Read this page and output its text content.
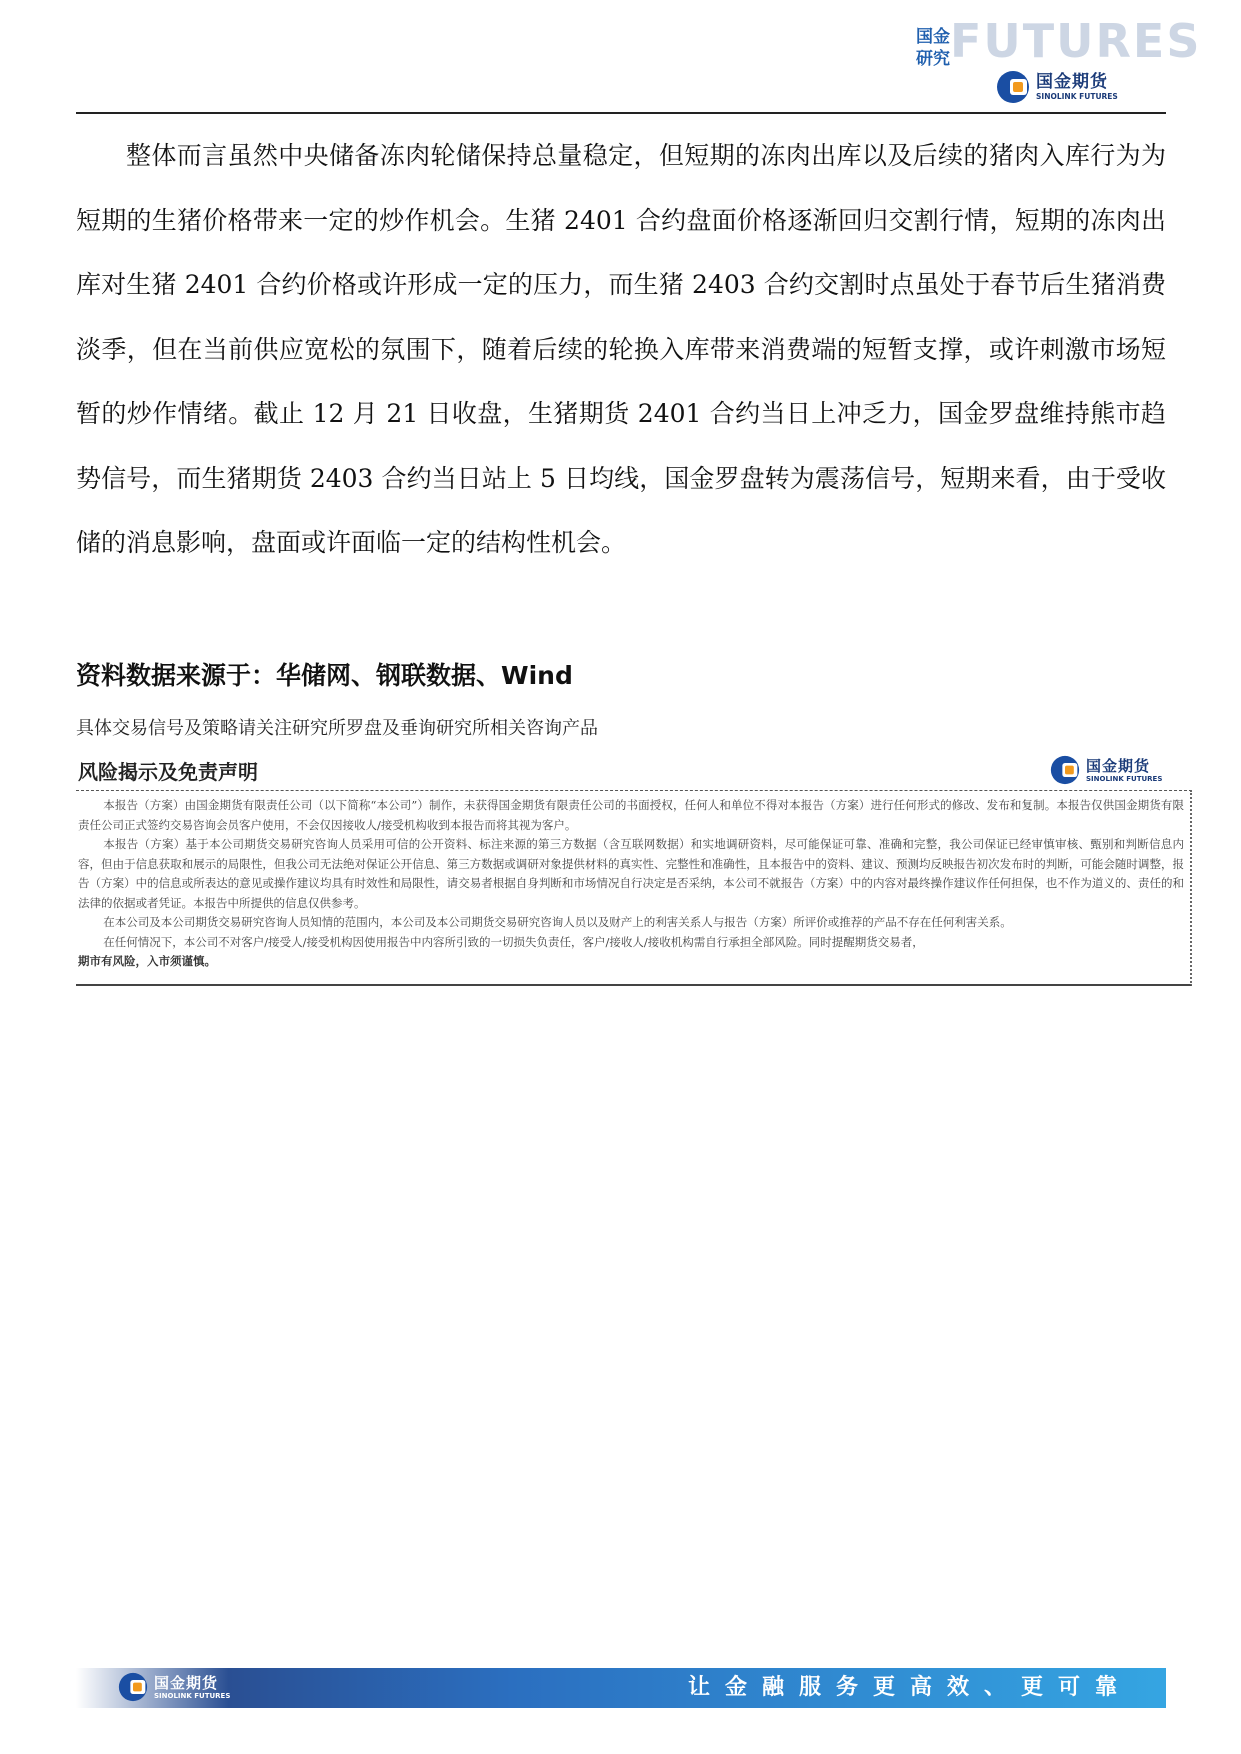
国金研究 FUTURES
国金期货
SINOLINK FUTURES

整体而言虽然中央储备冻肉轮储保持总量稳定，但短期的冻肉出库以及后续的猪肉入库行为为短期的生猪价格带来一定的炒作机会。生猪 2401 合约盘面价格逐渐回归交割行情，短期的冻肉出库对生猪 2401 合约价格或许形成一定的压力，而生猪 2403 合约交割时点虽处于春节后生猪消费淡季，但在当前供应宽松的氛围下，随着后续的轮换入库带来消费端的短暂支撑，或许刺激市场短暂的炒作情绪。截止 12 月 21 日收盘，生猪期货 2401 合约当日上冲乏力，国金罗盘维持熊市趋势信号，而生猪期货 2403 合约当日站上 5 日均线，国金罗盘转为震荡信号，短期来看，由于受收储的消息影响，盘面或许面临一定的结构性机会。

资料数据来源于：华储网、钢联数据、Wind
具体交易信号及策略请关注研究所罗盘及垂询研究所相关咨询产品
风险揭示及免责声明	国金期货
SINOLINK FUTURES

本报告（方案）由国金期货有限责任公司（以下简称“本公司”）制作，未获得国金期货有限责任公司的书面授权，任何人和单位不得对本报告（方案）进行任何形式的修改、发布和复制。本报告仅供国金期货有限责任公司正式签约交易咨询会员客户使用，不会仅因接收人/接受机构收到本报告而将其视为客户。

本报告（方案）基于本公司期货交易研究咨询人员采用可信的公开资料、标注来源的第三方数据（含互联网数据）和实地调研资料，尽可能保证可靠、准确和完整，我公司保证已经审慎审核、甄别和判断信息内容，但由于信息获取和展示的局限性，但我公司无法绝对保证公开信息、第三方数据或调研对象提供材料的真实性、完整性和准确性，且本报告中的资料、建议、预测均反映报告初次发布时的判断，可能会随时调整，报告（方案）中的信息或所表达的意见或操作建议均具有时效性和局限性，请交易者根据自身判断和市场情况自行决定是否采纳，本公司不就报告（方案）中的内容对最终操作建议作任何担保，也不作为道义的、责任的和法律的依据或者凭证。本报告中所提供的信息仅供参考。

在本公司及本公司期货交易研究咨询人员知情的范围内，本公司及本公司期货交易研究咨询人员以及财产上的利害关系人与报告（方案）所评价或推荐的产品不存在任何利害关系。

在任何情况下，本公司不对客户/接受人/接受机构因使用报告中内容所引致的一切损失负责任，客户/接收人/接收机构需自行承担全部风险。同时提醒期货交易者，

期市有风险，入市须谨慎。

国金期货
SINOLINK FUTURES	让金融服务更高效、更可靠
